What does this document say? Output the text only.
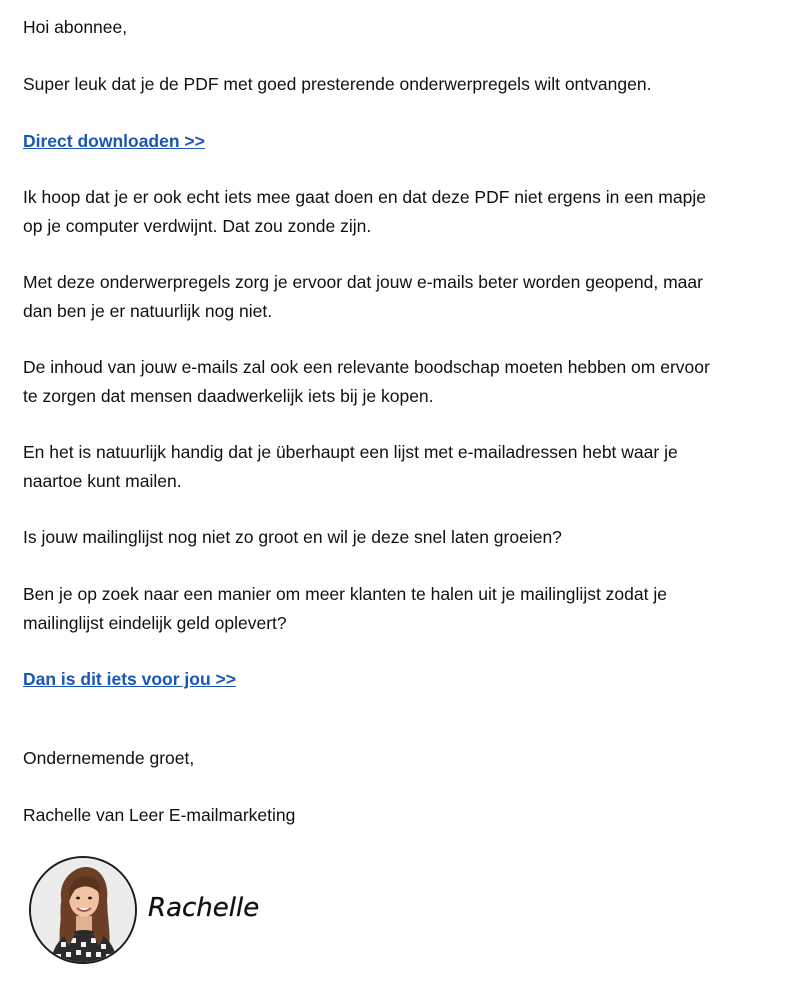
Hoi abonnee,

Super leuk dat je de PDF met goed presterende onderwerpregels wilt ontvangen.

Direct downloaden >>

Ik hoop dat je er ook echt iets mee gaat doen en dat deze PDF niet ergens in een mapje
op je computer verdwijnt. Dat zou zonde zijn.
Met deze onderwerpregels zorg je ervoor dat jouw e-mails beter worden geopend, maar
dan ben je er natuurlijk nog niet.
De inhoud van jouw e-mails zal ook een relevante boodschap moeten hebben om ervoor
te zorgen dat mensen daadwerkelijk iets bij je kopen.
En het is natuurlijk handig dat je überhaupt een lijst met e-mailadressen hebt waar je
naartoe kunt mailen.

Is jouw mailinglijst nog niet zo groot en wil je deze snel laten groeien?

Ben je op zoek naar een manier om meer klanten te halen uit je mailinglijst zodat je
mailinglijst eindelijk geld oplevert?

Dan is dit iets voor jou >>

Ondernemende groet,

Rachelle van Leer E-mailmarketing

Rachelle
